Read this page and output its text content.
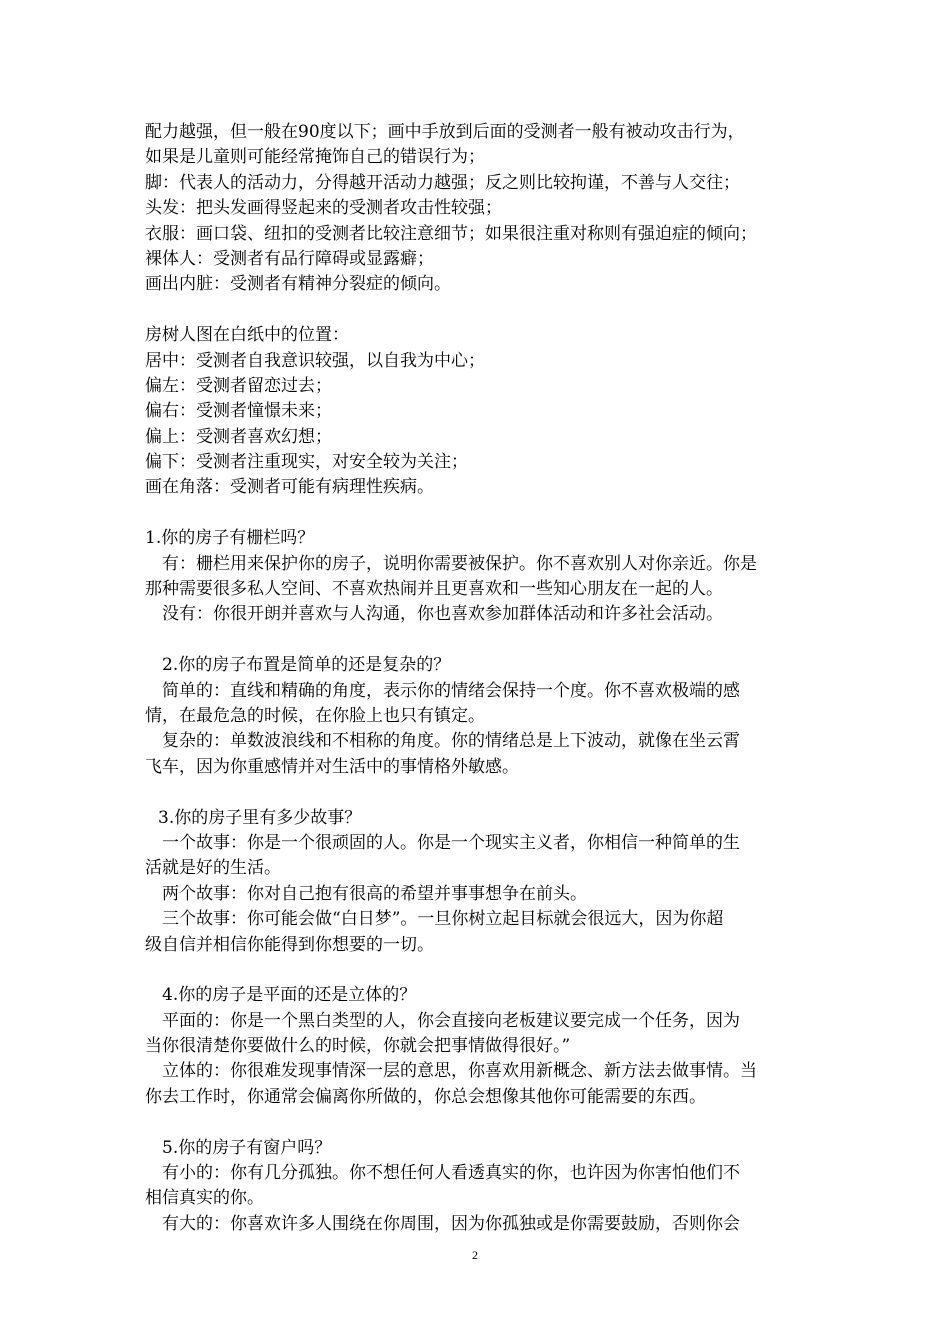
配力越强，但一般在90度以下；画中手放到后面的受测者一般有被动攻击行为，
如果是儿童则可能经常掩饰自己的错误行为；
脚：代表人的活动力，分得越开活动力越强；反之则比较拘谨，不善与人交往；
头发：把头发画得竖起来的受测者攻击性较强；
衣服：画口袋、纽扣的受测者比较注意细节；如果很注重对称则有强迫症的倾向；
裸体人：受测者有品行障碍或显露癖；
画出内脏：受测者有精神分裂症的倾向。
房树人图在白纸中的位置：
居中：受测者自我意识较强，以自我为中心；
偏左：受测者留恋过去；
偏右：受测者憧憬未来；
偏上：受测者喜欢幻想；
偏下：受测者注重现实，对安全较为关注；
画在角落：受测者可能有病理性疾病。
1.你的房子有栅栏吗？
有：栅栏用来保护你的房子，说明你需要被保护。你不喜欢别人对你亲近。你是
那种需要很多私人空间、不喜欢热闹并且更喜欢和一些知心朋友在一起的人。
没有：你很开朗并喜欢与人沟通，你也喜欢参加群体活动和许多社会活动。
2.你的房子布置是简单的还是复杂的？
简单的：直线和精确的角度，表示你的情绪会保持一个度。你不喜欢极端的感
情，在最危急的时候，在你脸上也只有镇定。
复杂的：单数波浪线和不相称的角度。你的情绪总是上下波动，就像在坐云霄
飞车，因为你重感情并对生活中的事情格外敏感。
3.你的房子里有多少故事？
一个故事：你是一个很顽固的人。你是一个现实主义者，你相信一种简单的生
活就是好的生活。
两个故事：你对自己抱有很高的希望并事事想争在前头。
三个故事：你可能会做“白日梦”。一旦你树立起目标就会很远大，因为你超
级自信并相信你能得到你想要的一切。
4.你的房子是平面的还是立体的？
平面的：你是一个黑白类型的人，你会直接向老板建议要完成一个任务，因为
当你很清楚你要做什么的时候，你就会把事情做得很好。”
立体的：你很难发现事情深一层的意思，你喜欢用新概念、新方法去做事情。当
你去工作时，你通常会偏离你所做的，你总会想像其他你可能需要的东西。
5.你的房子有窗户吗？
有小的：你有几分孤独。你不想任何人看透真实的你，也许因为你害怕他们不
相信真实的你。
有大的：你喜欢许多人围绕在你周围，因为你孤独或是你需要鼓励，否则你会
2
